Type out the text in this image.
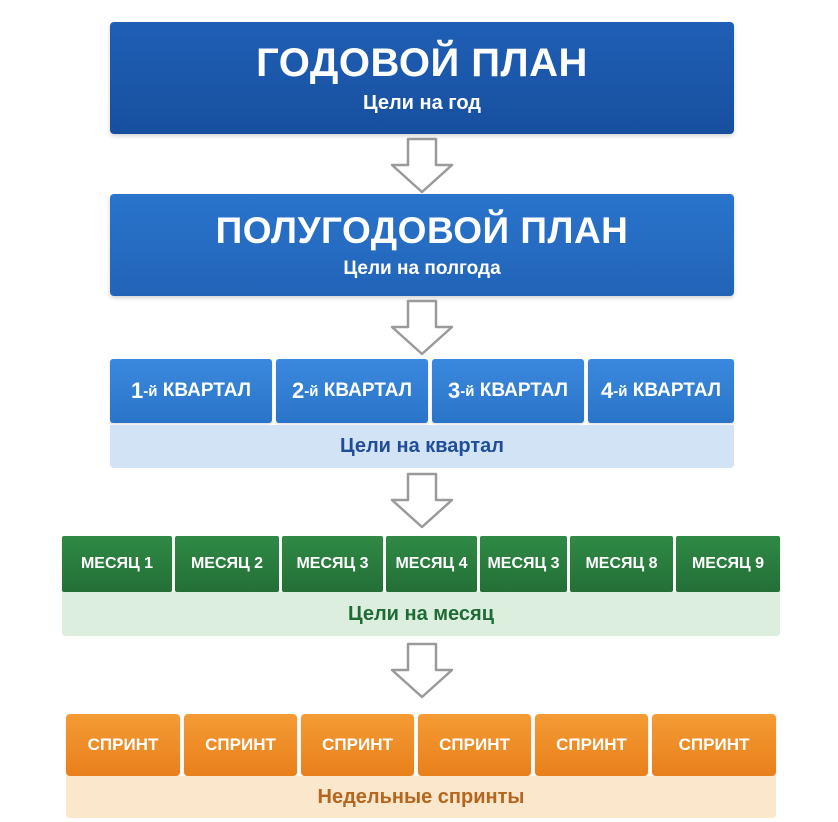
ГОДОВОЙ ПЛАН
Цели на год
ПОЛУГОДОВОЙ ПЛАН
Цели на полгода
1 -й
КВАРТАЛ 2 -й
КВАРТАЛ 3 -й
КВАРТАЛ 4 -й
КВАРТАЛ
Цели на квартал
МЕСЯЦ 1	МЕСЯЦ 2	МЕСЯЦ 3	МЕСЯЦ 4	МЕСЯЦ 3	МЕСЯЦ 8	МЕСЯЦ 9
Цели на месяц
СПРИНТ	СПРИНТ	СПРИНТ	СПРИНТ	СПРИНТ	СПРИНТ
Недельные спринты
